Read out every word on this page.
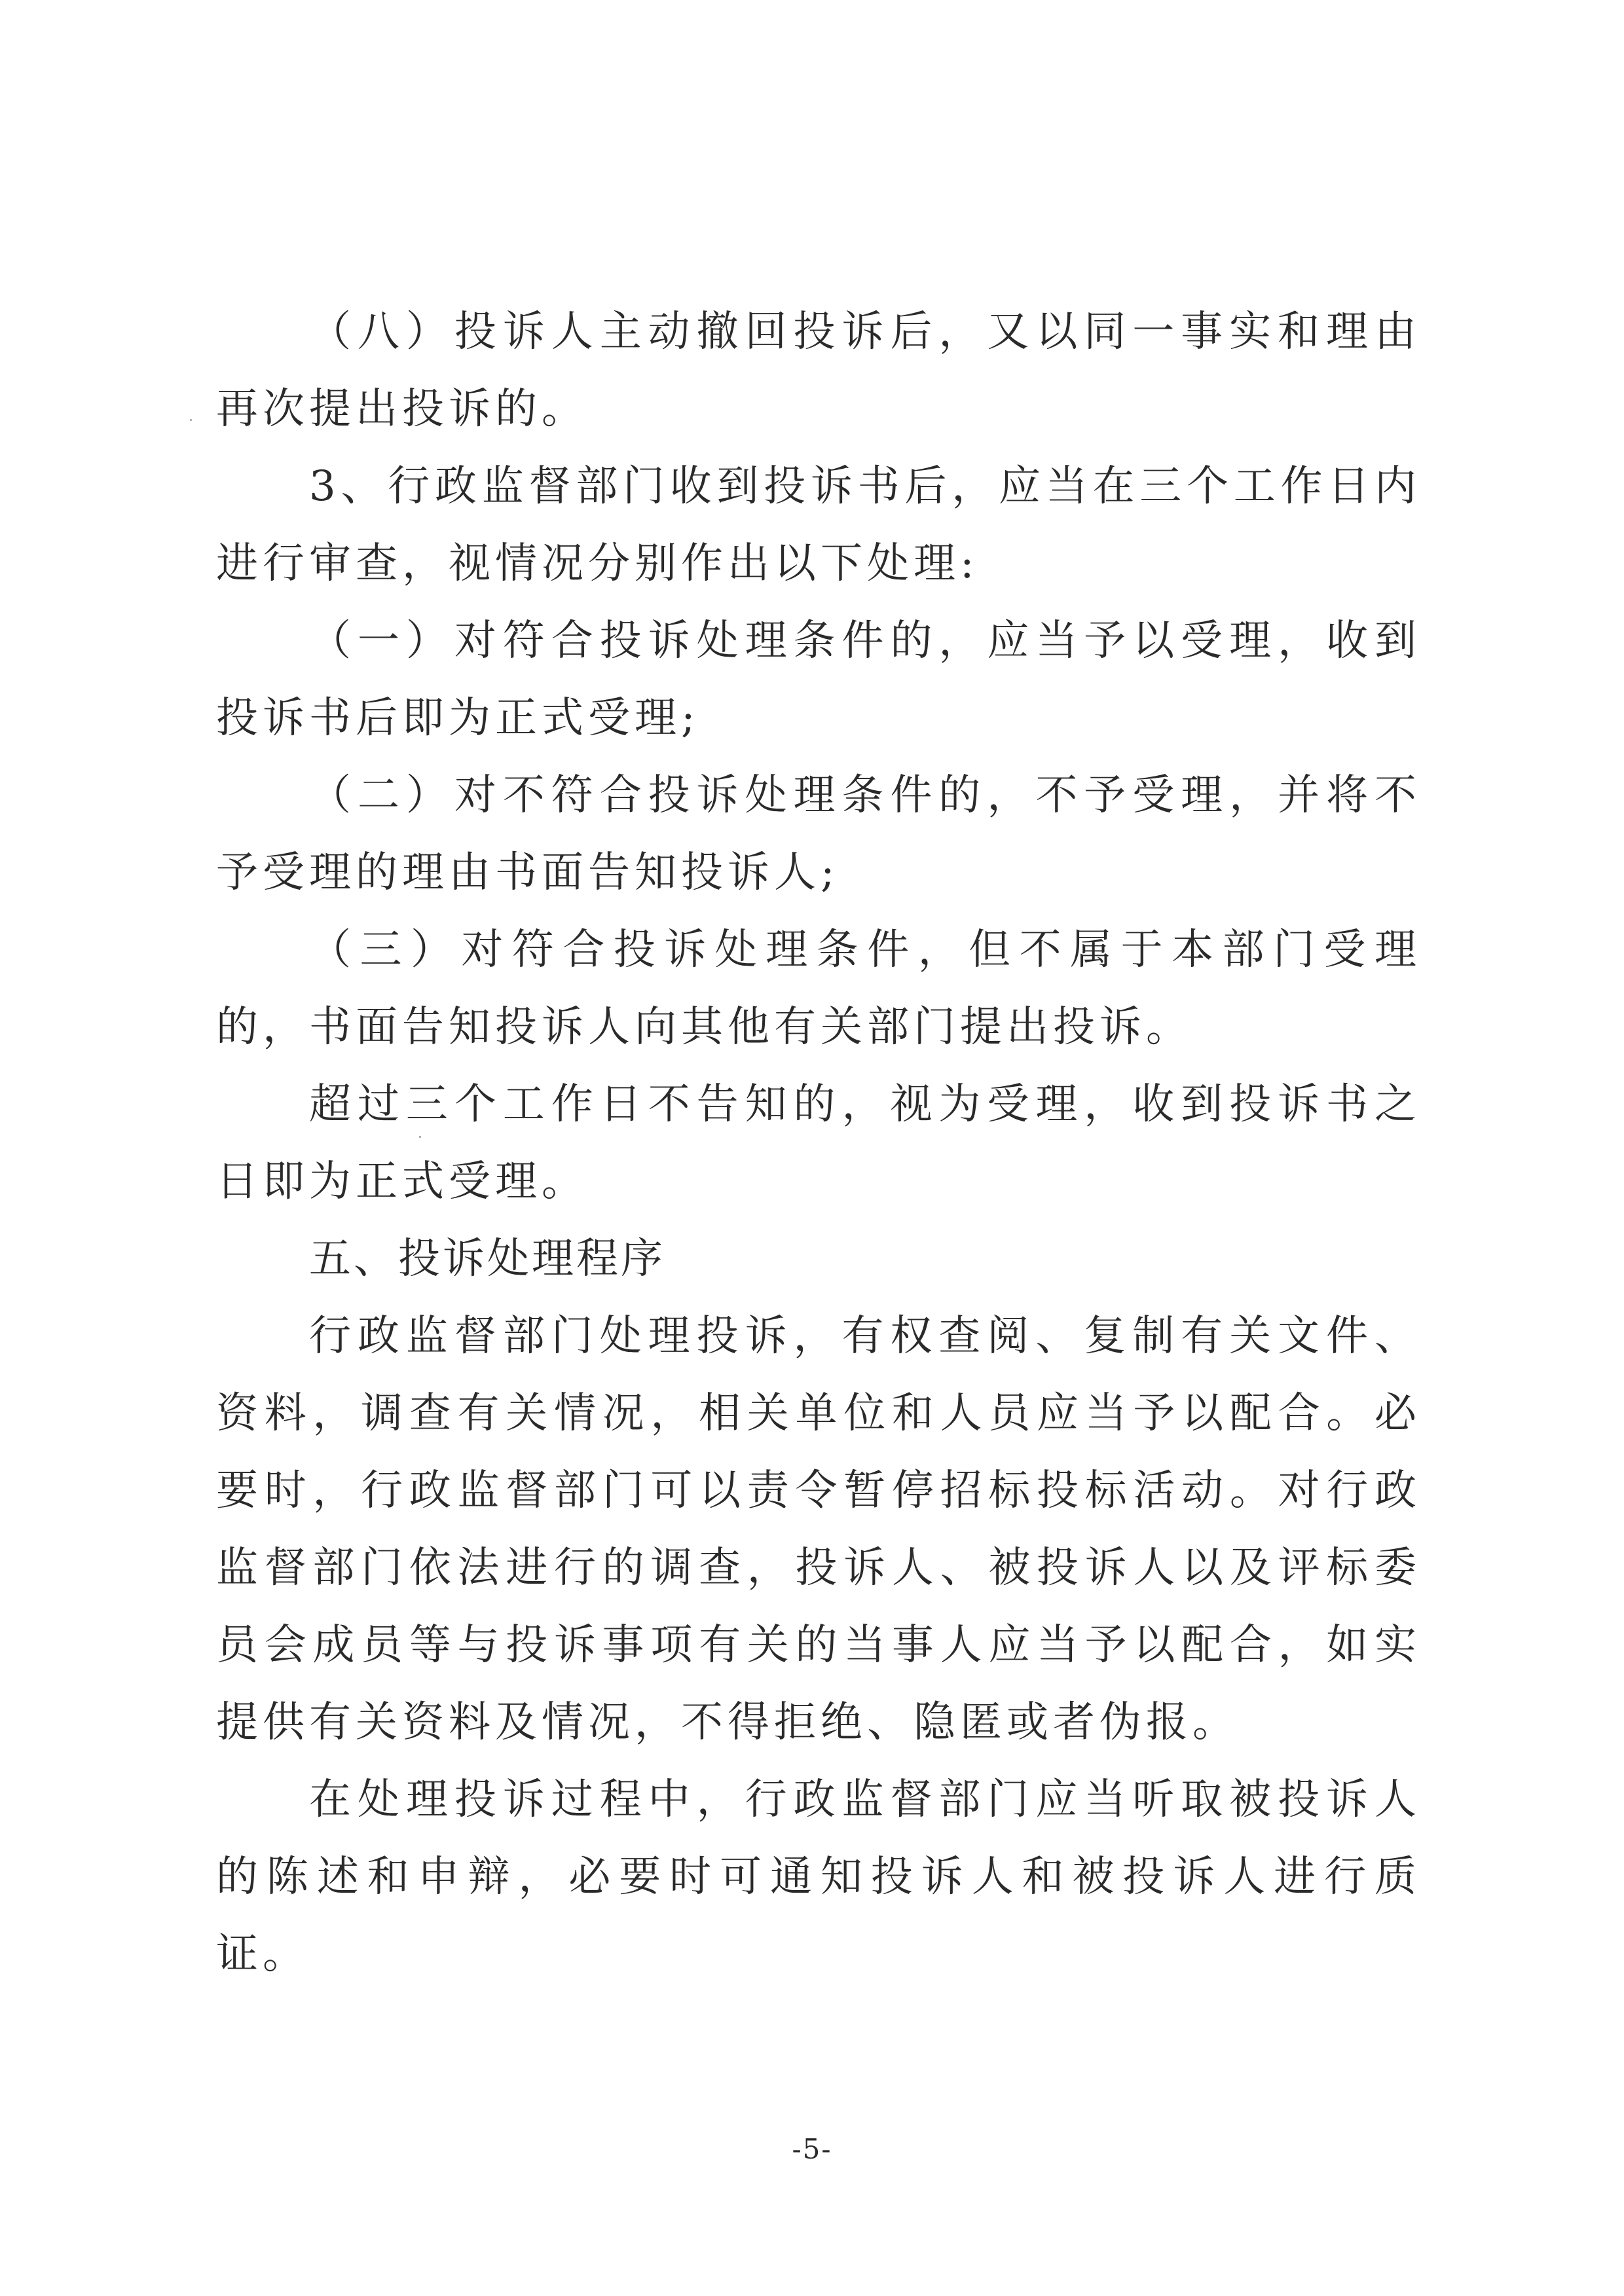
（八）投诉人主动撤回投诉后，又以同一事实和理由再次提出投诉的。

3、行政监督部门收到投诉书后，应当在三个工作日内进行审查，视情况分别作出以下处理:

（一）对符合投诉处理条件的，应当予以受理，收到投诉书后即为正式受理;

（二）对不符合投诉处理条件的，不予受理，并将不予受理的理由书面告知投诉人;

（三）对符合投诉处理条件，但不属于本部门受理的，书面告知投诉人向其他有关部门提出投诉。

超过三个工作日不告知的，视为受理，收到投诉书之日即为正式受理。

五、投诉处理程序

行政监督部门处理投诉，有权查阅、复制有关文件、资料，调查有关情况，相关单位和人员应当予以配合。必要时，行政监督部门可以责令暂停招标投标活动。对行政监督部门依法进行的调查，投诉人、被投诉人以及评标委员会成员等与投诉事项有关的当事人应当予以配合，如实提供有关资料及情况，不得拒绝、隐匿或者伪报。

在处理投诉过程中，行政监督部门应当听取被投诉人的陈述和申辩，必要时可通知投诉人和被投诉人进行质证。

-5-
